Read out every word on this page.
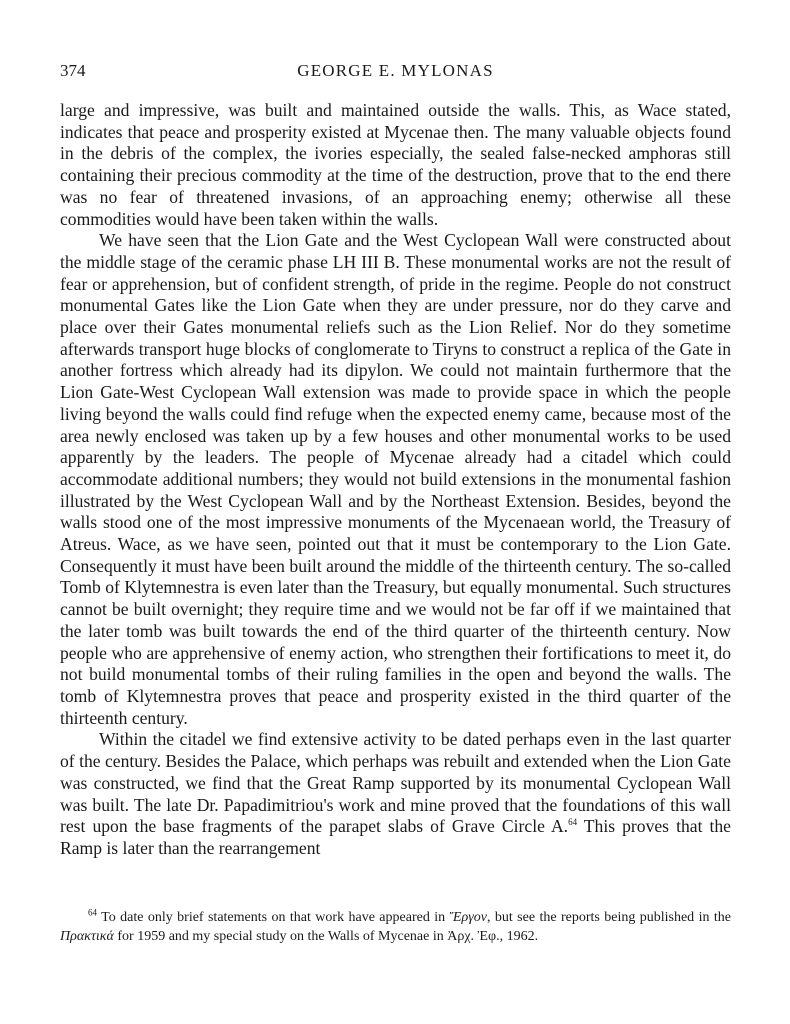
374	GEORGE E. MYLONAS

large and impressive, was built and maintained outside the walls. This, as Wace stated, indicates that peace and prosperity existed at Mycenae then. The many valuable objects found in the debris of the complex, the ivories especially, the sealed false-necked amphoras still containing their precious commodity at the time of the destruction, prove that to the end there was no fear of threatened invasions, of an approaching enemy; otherwise all these commodities would have been taken within the walls.

We have seen that the Lion Gate and the West Cyclopean Wall were constructed about the middle stage of the ceramic phase LH III B. These monumental works are not the result of fear or apprehension, but of confident strength, of pride in the regime. People do not construct monumental Gates like the Lion Gate when they are under pressure, nor do they carve and place over their Gates monumental reliefs such as the Lion Relief. Nor do they sometime afterwards transport huge blocks of conglomerate to Tiryns to construct a replica of the Gate in another fortress which already had its dipylon. We could not maintain furthermore that the Lion Gate-West Cyclopean Wall extension was made to provide space in which the people living beyond the walls could find refuge when the expected enemy came, because most of the area newly enclosed was taken up by a few houses and other monumental works to be used apparently by the leaders. The people of Mycenae already had a citadel which could accommodate additional numbers; they would not build extensions in the monumental fashion illustrated by the West Cyclopean Wall and by the Northeast Extension. Besides, beyond the walls stood one of the most impressive monuments of the Mycenaean world, the Treasury of Atreus. Wace, as we have seen, pointed out that it must be contemporary to the Lion Gate. Consequently it must have been built around the middle of the thirteenth century. The so-called Tomb of Klytemnestra is even later than the Treasury, but equally monumental. Such structures cannot be built overnight; they require time and we would not be far off if we maintained that the later tomb was built towards the end of the third quarter of the thirteenth century. Now people who are apprehensive of enemy action, who strengthen their fortifications to meet it, do not build monumental tombs of their ruling families in the open and beyond the walls. The tomb of Klytemnestra proves that peace and prosperity existed in the third quarter of the thirteenth century.

Within the citadel we find extensive activity to be dated perhaps even in the last quarter of the century. Besides the Palace, which perhaps was rebuilt and extended when the Lion Gate was constructed, we find that the Great Ramp supported by its monumental Cyclopean Wall was built. The late Dr. Papadimitriou's work and mine proved that the foundations of this wall rest upon the base fragments of the parapet slabs of Grave Circle A.$^{64}$ This proves that the Ramp is later than the rearrangement

$^{64}$ To date only brief statements on that work have appeared in Ἔργον, but see the reports being published in the Πρακτικά for 1959 and my special study on the Walls of Mycenae in Ἀρχ. Ἐφ., 1962.
